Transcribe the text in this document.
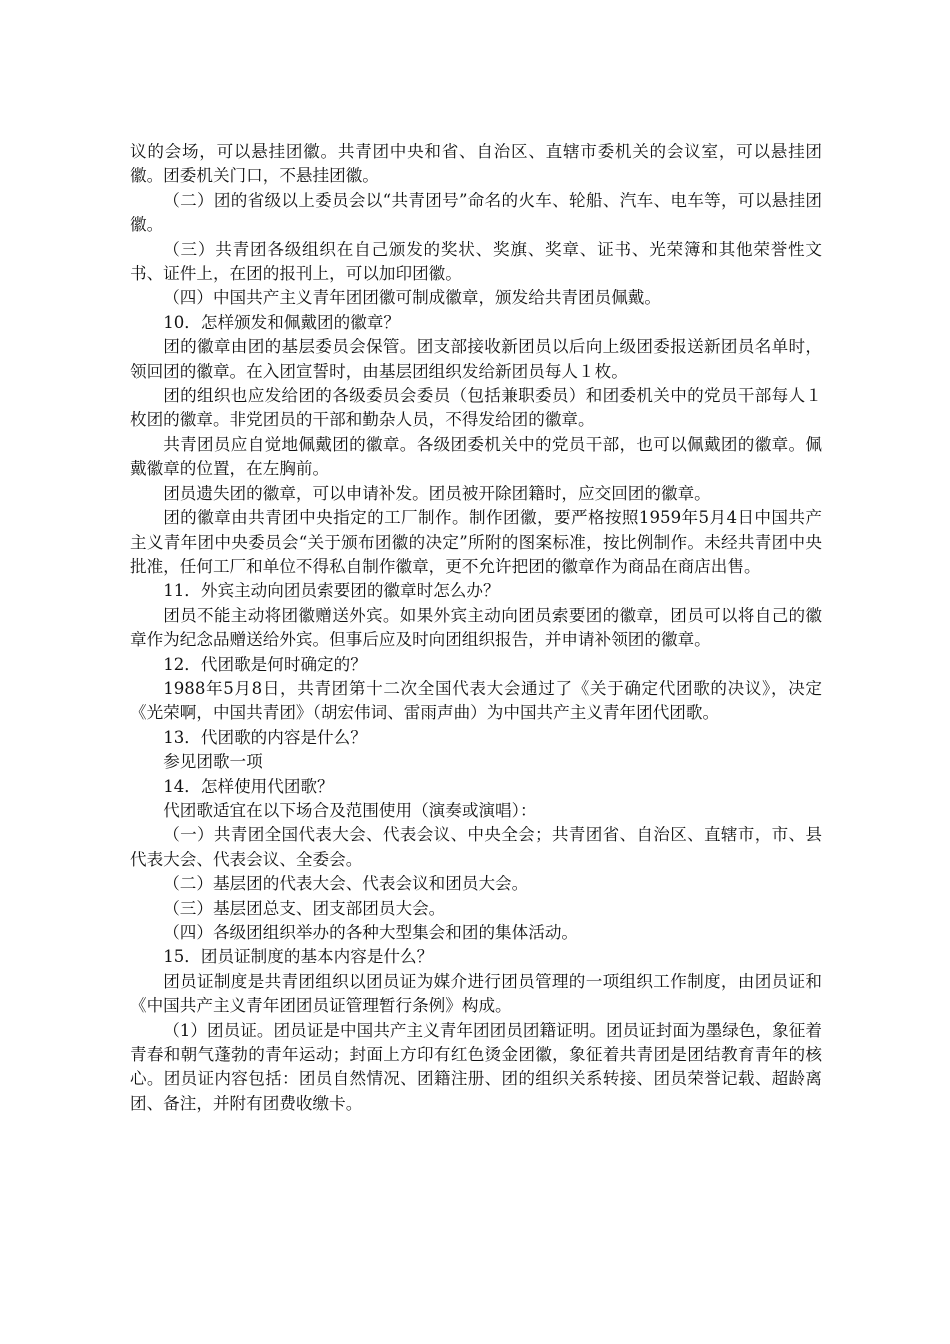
议的会场，可以悬挂团徽。共青团中央和省、自治区、直辖市委机关的会议室，可以悬挂团徽。团委机关门口，不悬挂团徽。

（二）团的省级以上委员会以“共青团号”命名的火车、轮船、汽车、电车等，可以悬挂团徽。

（三）共青团各级组织在自己颁发的奖状、奖旗、奖章、证书、光荣簿和其他荣誉性文书、证件上，在团的报刊上，可以加印团徽。

（四）中国共产主义青年团团徽可制成徽章，颁发给共青团员佩戴。

10．怎样颁发和佩戴团的徽章？

团的徽章由团的基层委员会保管。团支部接收新团员以后向上级团委报送新团员名单时，领回团的徽章。在入团宣誓时，由基层团组织发给新团员每人１枚。

团的组织也应发给团的各级委员会委员（包括兼职委员）和团委机关中的党员干部每人１枚团的徽章。非党团员的干部和勤杂人员，不得发给团的徽章。

共青团员应自觉地佩戴团的徽章。各级团委机关中的党员干部，也可以佩戴团的徽章。佩戴徽章的位置，在左胸前。

团员遗失团的徽章，可以申请补发。团员被开除团籍时，应交回团的徽章。

团的徽章由共青团中央指定的工厂制作。制作团徽，要严格按照1959年5月4日中国共产主义青年团中央委员会“关于颁布团徽的决定”所附的图案标准，按比例制作。未经共青团中央批准，任何工厂和单位不得私自制作徽章，更不允许把团的徽章作为商品在商店出售。

11．外宾主动向团员索要团的徽章时怎么办？

团员不能主动将团徽赠送外宾。如果外宾主动向团员索要团的徽章，团员可以将自己的徽章作为纪念品赠送给外宾。但事后应及时向团组织报告，并申请补领团的徽章。

12．代团歌是何时确定的？

1988年5月8日，共青团第十二次全国代表大会通过了《关于确定代团歌的决议》，决定《光荣啊，中国共青团》（胡宏伟词、雷雨声曲）为中国共产主义青年团代团歌。

13．代团歌的内容是什么？

参见团歌一项

14．怎样使用代团歌？

代团歌适宜在以下场合及范围使用（演奏或演唱）：

（一）共青团全国代表大会、代表会议、中央全会；共青团省、自治区、直辖市，市、县代表大会、代表会议、全委会。

（二）基层团的代表大会、代表会议和团员大会。

（三）基层团总支、团支部团员大会。

（四）各级团组织举办的各种大型集会和团的集体活动。

15．团员证制度的基本内容是什么？

团员证制度是共青团组织以团员证为媒介进行团员管理的一项组织工作制度，由团员证和《中国共产主义青年团团员证管理暂行条例》构成。

（1）团员证。团员证是中国共产主义青年团团员团籍证明。团员证封面为墨绿色，象征着青春和朝气蓬勃的青年运动；封面上方印有红色烫金团徽，象征着共青团是团结教育青年的核心。团员证内容包括：团员自然情况、团籍注册、团的组织关系转接、团员荣誉记载、超龄离团、备注，并附有团费收缴卡。
